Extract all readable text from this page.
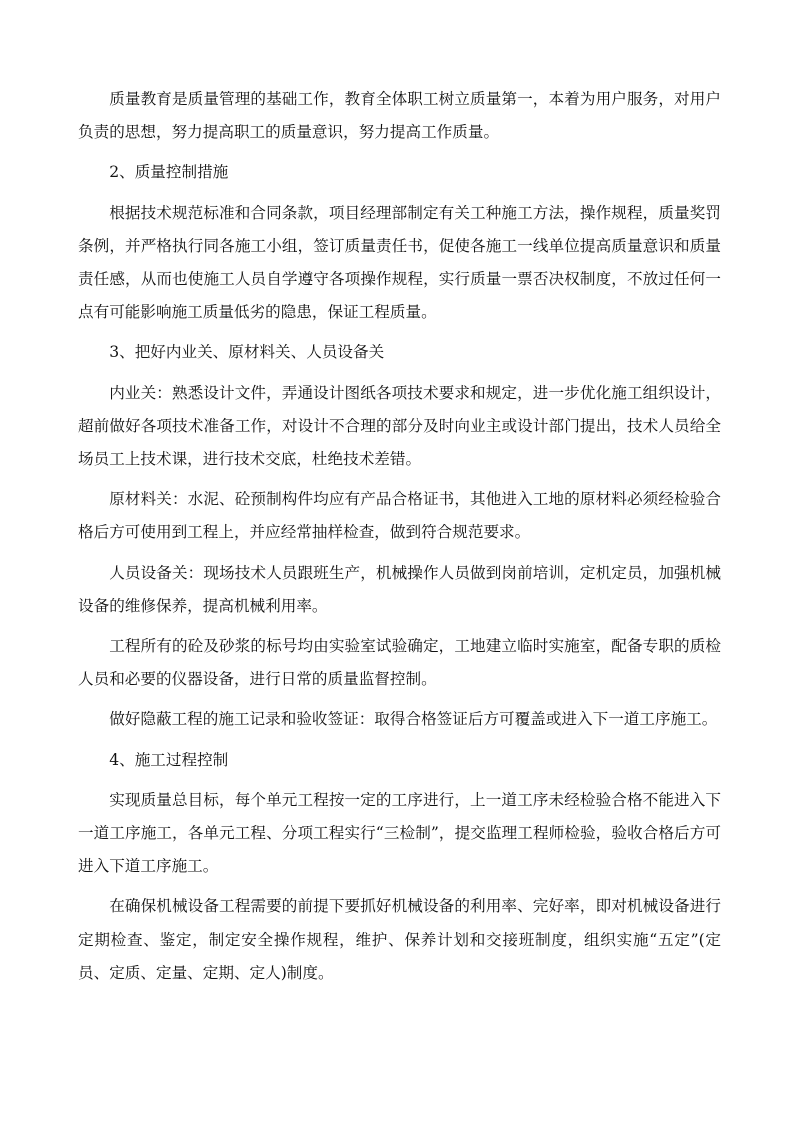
质量教育是质量管理的基础工作，教育全体职工树立质量第一，本着为用户服务，对用户负责的思想，努力提高职工的质量意识，努力提高工作质量。

2、质量控制措施

根据技术规范标准和合同条款，项目经理部制定有关工种施工方法，操作规程，质量奖罚条例，并严格执行同各施工小组，签订质量责任书，促使各施工一线单位提高质量意识和质量责任感，从而也使施工人员自学遵守各项操作规程，实行质量一票否决权制度，不放过任何一点有可能影响施工质量低劣的隐患，保证工程质量。

3、把好内业关、原材料关、人员设备关

内业关：熟悉设计文件，弄通设计图纸各项技术要求和规定，进一步优化施工组织设计，超前做好各项技术准备工作，对设计不合理的部分及时向业主或设计部门提出，技术人员给全场员工上技术课，进行技术交底，杜绝技术差错。

原材料关：水泥、砼预制构件均应有产品合格证书，其他进入工地的原材料必须经检验合格后方可使用到工程上，并应经常抽样检查，做到符合规范要求。

人员设备关：现场技术人员跟班生产，机械操作人员做到岗前培训，定机定员，加强机械设备的维修保养，提高机械利用率。

工程所有的砼及砂浆的标号均由实验室试验确定，工地建立临时实施室，配备专职的质检人员和必要的仪器设备，进行日常的质量监督控制。

做好隐蔽工程的施工记录和验收签证：取得合格签证后方可覆盖或进入下一道工序施工。

4、施工过程控制

实现质量总目标，每个单元工程按一定的工序进行，上一道工序未经检验合格不能进入下一道工序施工，各单元工程、分项工程实行“三检制”，提交监理工程师检验，验收合格后方可进入下道工序施工。

在确保机械设备工程需要的前提下要抓好机械设备的利用率、完好率，即对机械设备进行定期检查、鉴定，制定安全操作规程，维护、保养计划和交接班制度，组织实施“五定”(定员、定质、定量、定期、定人)制度。
